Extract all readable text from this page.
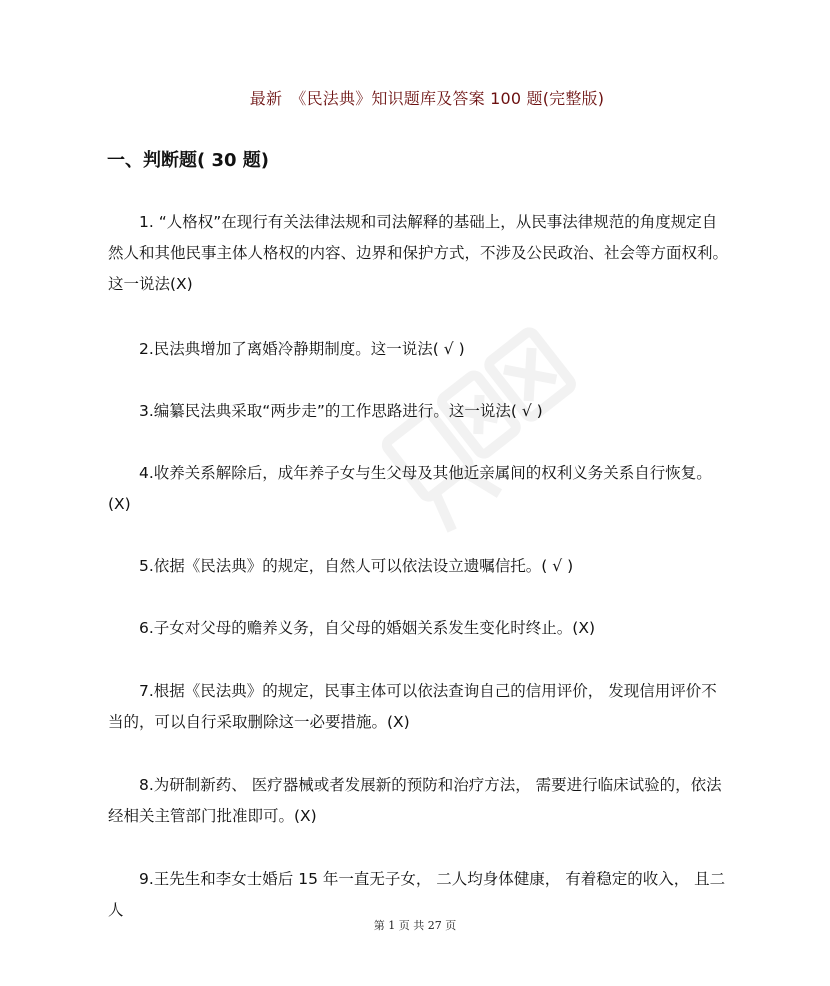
最新　《民法典》知识题库及答案 100 题(完整版)
一、判断题( 30 题)
1. “人格权”在现行有关法律法规和司法解释的基础上，从民事法律规范的角度规定自然人和其他民事主体人格权的内容、边界和保护方式，不涉及公民政治、社会等方面权利。这一说法(X)
2.民法典增加了离婚冷静期制度。这一说法( √ )
3.编纂民法典采取“两步走”的工作思路进行。这一说法( √ )
4.收养关系解除后，成年养子女与生父母及其他近亲属间的权利义务关系自行恢复。 (X)
5.依据《民法典》的规定，自然人可以依法设立遗嘱信托。( √ )
6.子女对父母的赡养义务，自父母的婚姻关系发生变化时终止。(X)
7.根据《民法典》的规定，民事主体可以依法查询自己的信用评价， 发现信用评价不当的，可以自行采取删除这一必要措施。(X)
8.为研制新药、 医疗器械或者发展新的预防和治疗方法， 需要进行临床试验的，依法经相关主管部门批准即可。(X)
9.王先生和李女士婚后 15 年一直无子女， 二人均身体健康， 有着稳定的收入， 且二人
第 1 页 共 27 页
